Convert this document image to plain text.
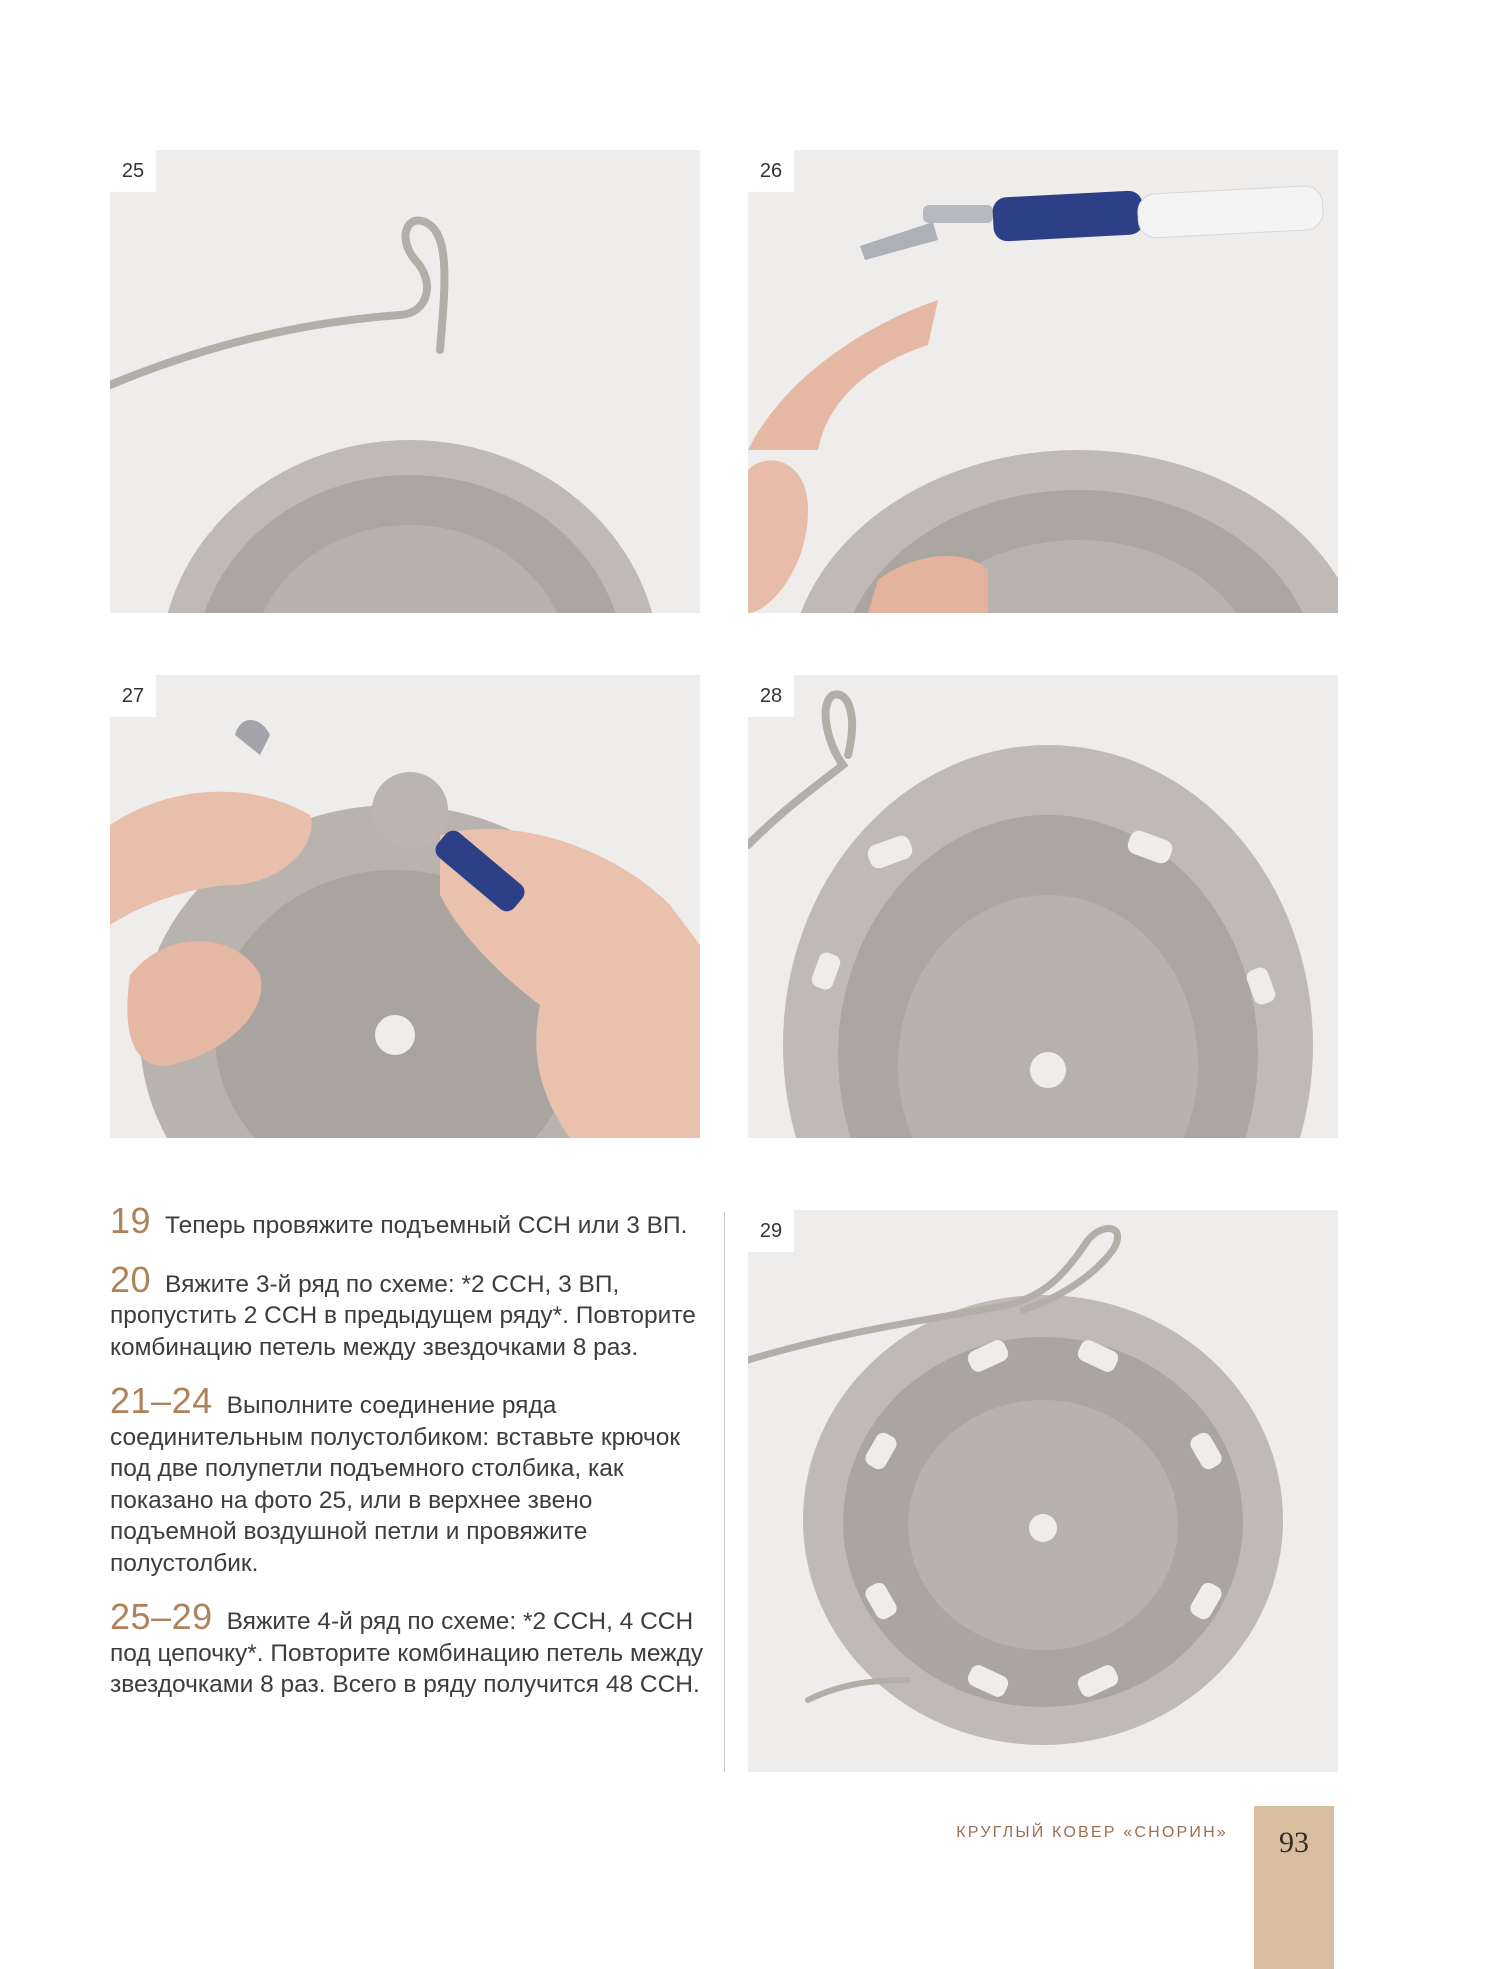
25	26
27	28
29
19 Теперь провяжите подъемный ССН или 3 ВП.
20 Вяжите 3-й ряд по схеме: *2 ССН, 3 ВП, пропустить 2 ССН в предыдущем ряду*. Повторите комбинацию петель между звездочками 8 раз.
21–24 Выполните соединение ряда соединительным полустолбиком: вставьте крючок под две полупетли подъемного столбика, как показано на фото 25, или в верхнее звено подъемной воздушной петли и провяжите полустолбик.
25–29 Вяжите 4-й ряд по схеме: *2 ССН, 4 ССН под цепочку*. Повторите комбинацию петель между звездочками 8 раз. Всего в ряду получится 48 ССН.
КРУГЛЫЙ КОВЕР «СНОРИН» 93
